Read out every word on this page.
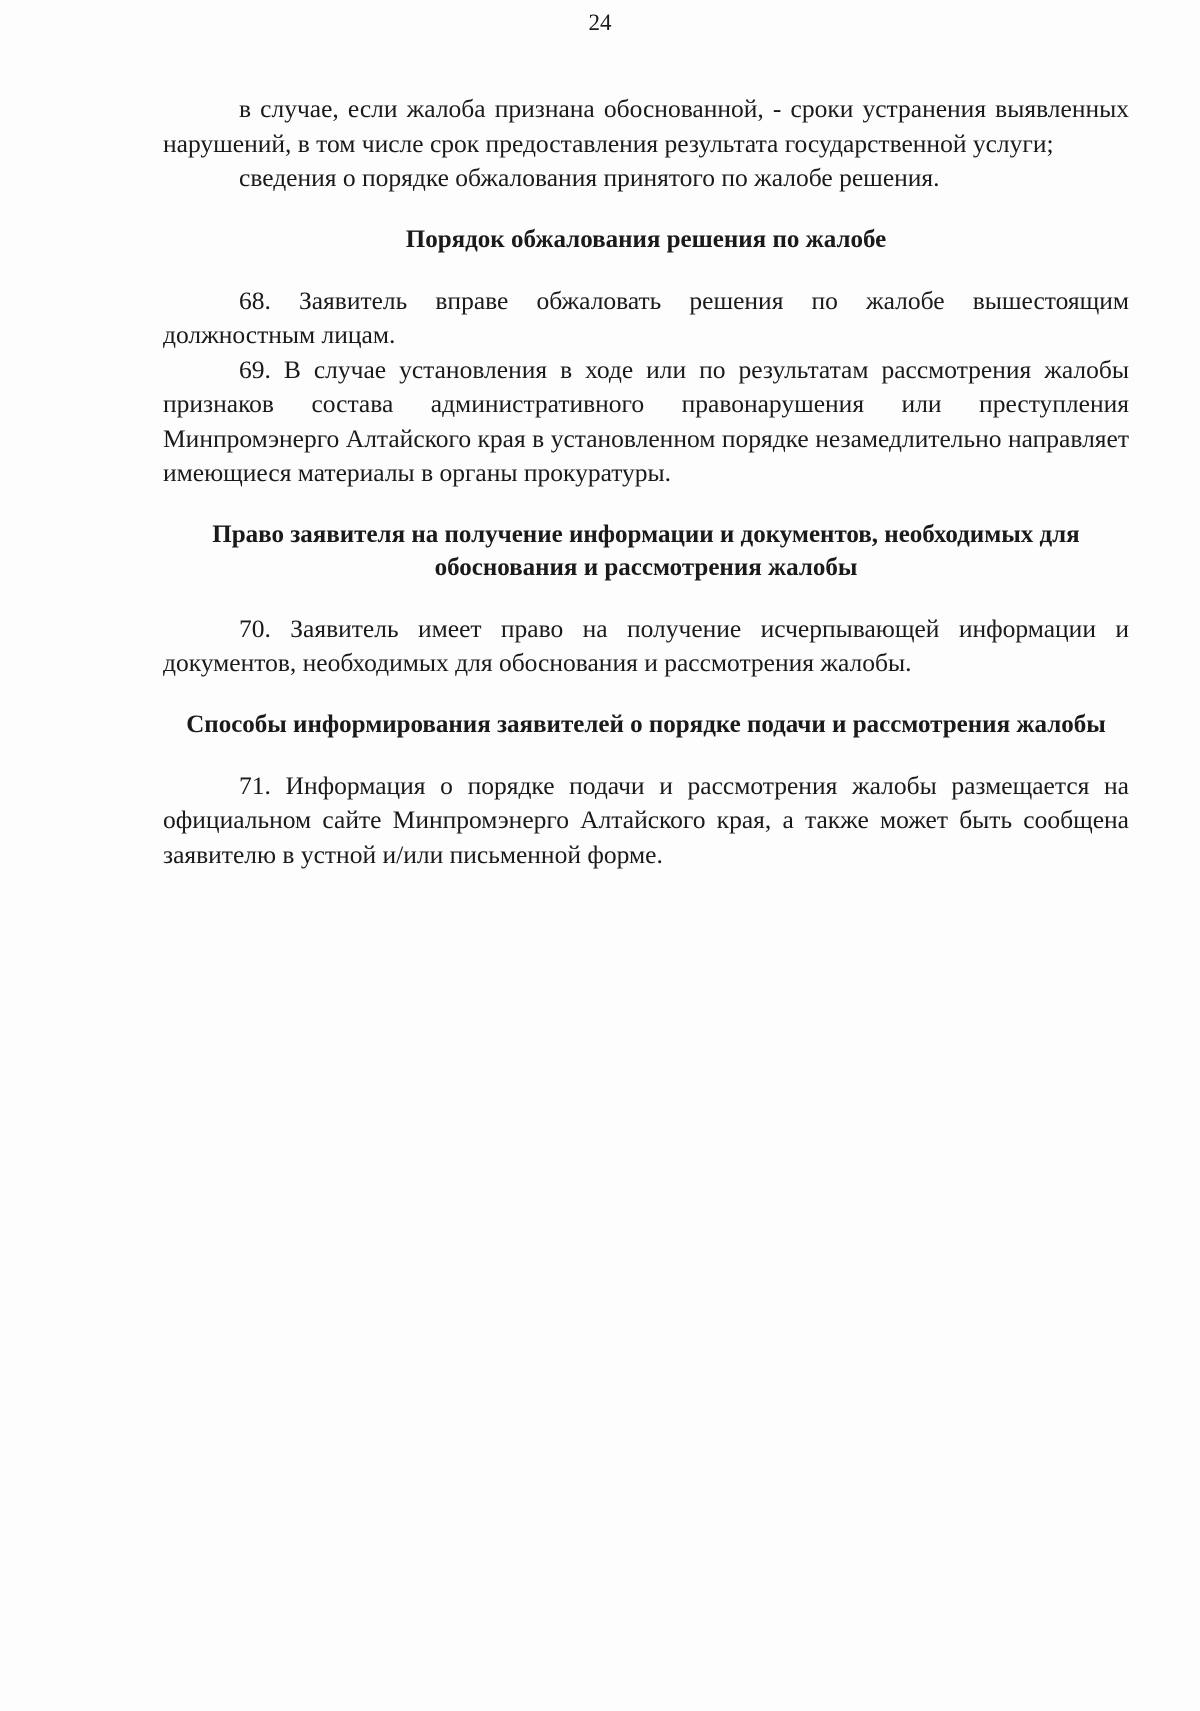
24

в случае, если жалоба признана обоснованной, - сроки устранения выявленных нарушений, в том числе срок предоставления результата государственной услуги;

сведения о порядке обжалования принятого по жалобе решения.

Порядок обжалования решения по жалобе

68. Заявитель вправе обжаловать решения по жалобе вышестоящим должностным лицам.

69. В случае установления в ходе или по результатам рассмотрения жалобы признаков состава административного правонарушения или преступления Минпромэнерго Алтайского края в установленном порядке незамедлительно направляет имеющиеся материалы в органы прокуратуры.

Право заявителя на получение информации и документов, необходимых для обоснования и рассмотрения жалобы

70. Заявитель имеет право на получение исчерпывающей информации и документов, необходимых для обоснования и рассмотрения жалобы.

Способы информирования заявителей о порядке подачи и рассмотрения жалобы

71. Информация о порядке подачи и рассмотрения жалобы размещается на официальном сайте Минпромэнерго Алтайского края, а также может быть сообщена заявителю в устной и/или письменной форме.
